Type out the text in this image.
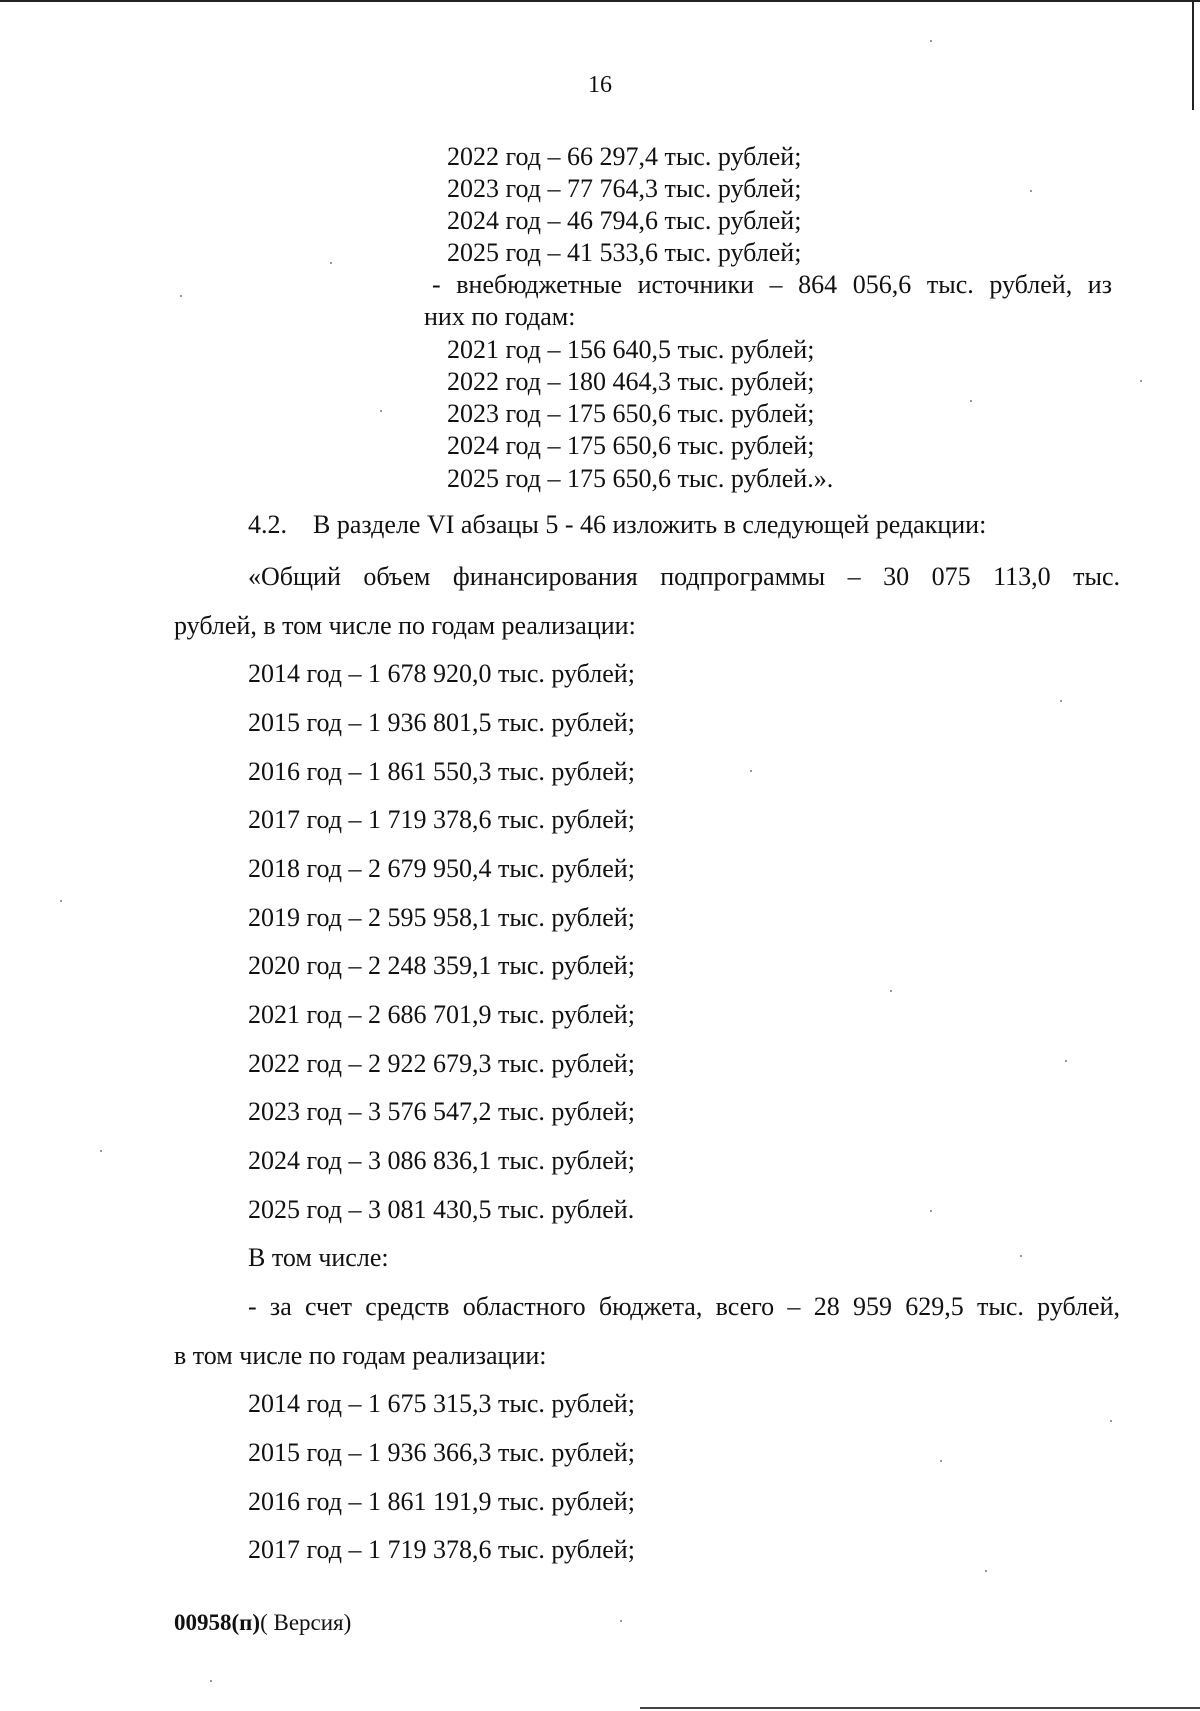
16
2022 год – 66 297,4 тыс. рублей;
2023 год – 77 764,3 тыс. рублей;
2024 год – 46 794,6 тыс. рублей;
2025 год – 41 533,6 тыс. рублей;
- внебюджетные источники – 864 056,6 тыс. рублей, из
них по годам:
2021 год – 156 640,5 тыс. рублей;
2022 год – 180 464,3 тыс. рублей;
2023 год – 175 650,6 тыс. рублей;
2024 год – 175 650,6 тыс. рублей;
2025 год – 175 650,6 тыс. рублей.».
4.2.    В разделе VI абзацы 5 - 46 изложить в следующей редакции:
«Общий объем финансирования подпрограммы – 30 075 113,0 тыс.
рублей, в том числе по годам реализации:
2014 год – 1 678 920,0 тыс. рублей;
2015 год – 1 936 801,5 тыс. рублей;
2016 год – 1 861 550,3 тыс. рублей;
2017 год – 1 719 378,6 тыс. рублей;
2018 год – 2 679 950,4 тыс. рублей;
2019 год – 2 595 958,1 тыс. рублей;
2020 год – 2 248 359,1 тыс. рублей;
2021 год – 2 686 701,9 тыс. рублей;
2022 год – 2 922 679,3 тыс. рублей;
2023 год – 3 576 547,2 тыс. рублей;
2024 год – 3 086 836,1 тыс. рублей;
2025 год – 3 081 430,5 тыс. рублей.
В том числе:
- за счет средств областного бюджета, всего – 28 959 629,5 тыс. рублей,
в том числе по годам реализации:
2014 год – 1 675 315,3 тыс. рублей;
2015 год – 1 936 366,3 тыс. рублей;
2016 год – 1 861 191,9 тыс. рублей;
2017 год – 1 719 378,6 тыс. рублей;
00958(п)( Версия)
